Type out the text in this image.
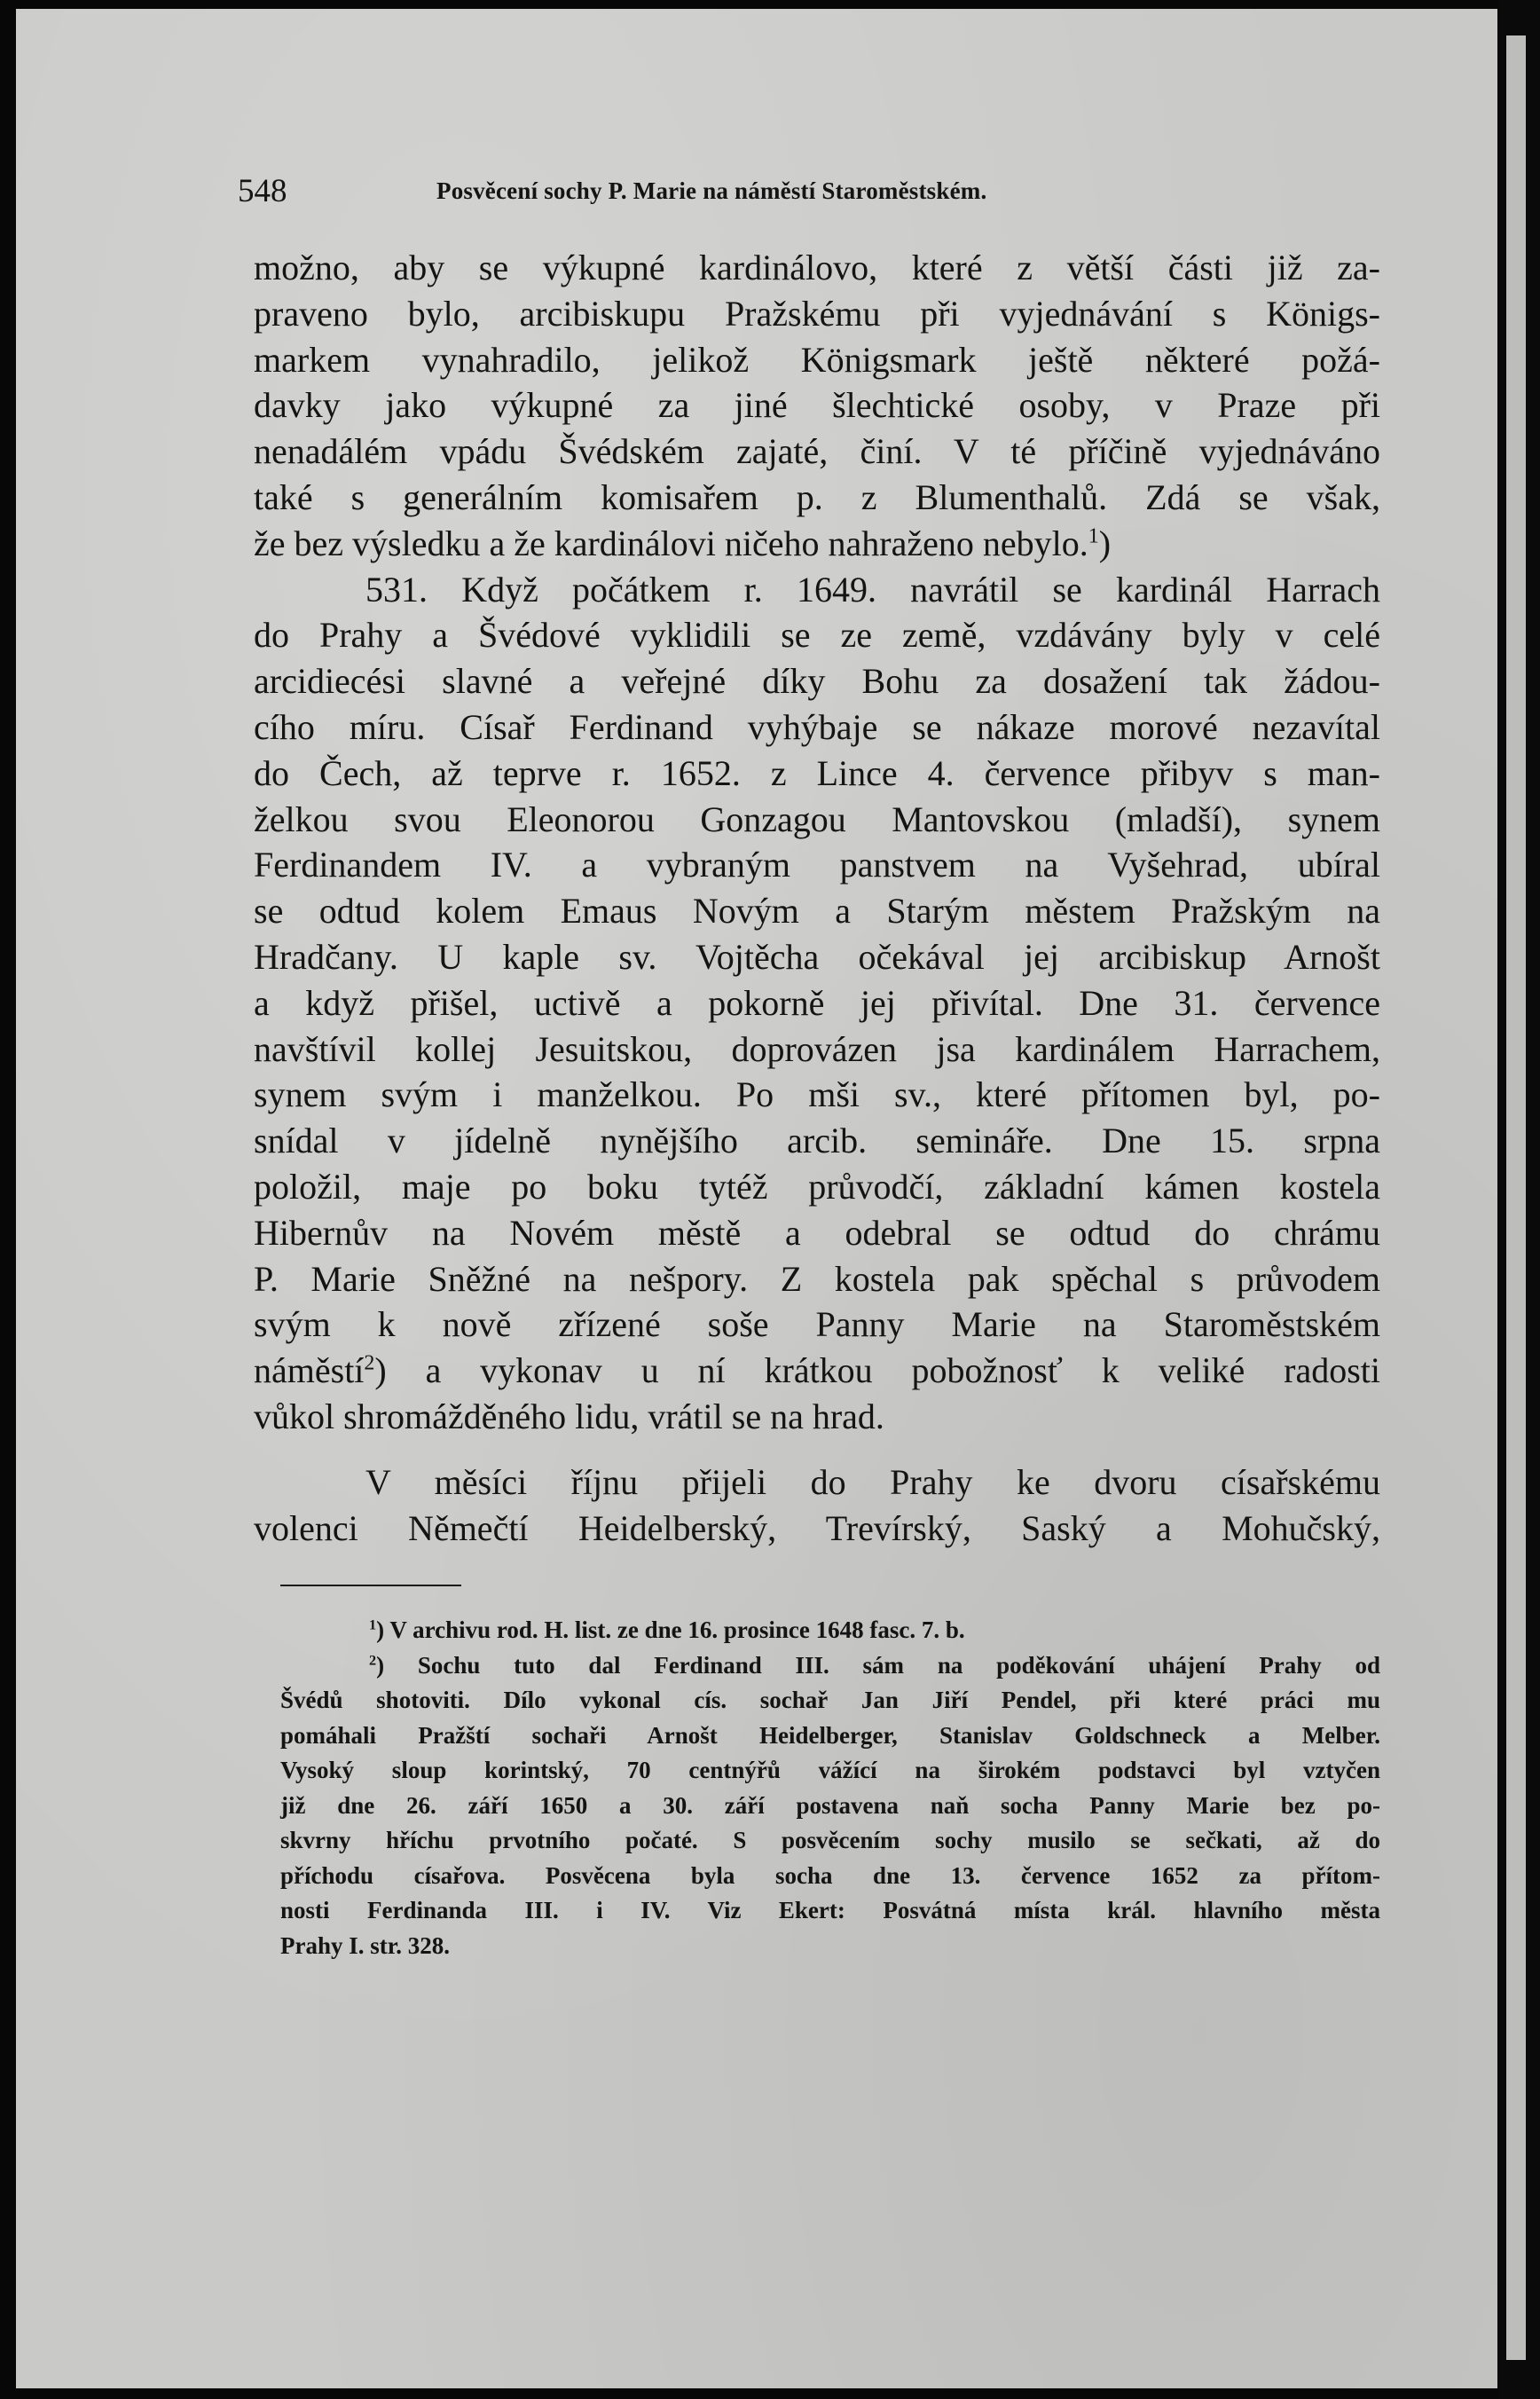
548	Posvěcení sochy P. Marie na náměstí Staroměstském.
možno, aby se výkupné kardinálovo, které z větší části již za-
praveno bylo, arcibiskupu Pražskému při vyjednávání s Königs-
markem vynahradilo, jelikož Königsmark ještě některé požá-
davky jako výkupné za jiné šlechtické osoby, v Praze při
nenadálém vpádu Švédském zajaté, činí. V té příčině vyjednáváno
také s generálním komisařem p. z Blumenthalů. Zdá se však,
že bez výsledku a že kardinálovi ničeho nahraženo nebylo.$^1$)
531. Když počátkem r. 1649. navrátil se kardinál Harrach
do Prahy a Švédové vyklidili se ze země, vzdávány byly v celé
arcidiecési slavné a veřejné díky Bohu za dosažení tak žádou-
cího míru. Císař Ferdinand vyhýbaje se nákaze morové nezavítal
do Čech, až teprve r. 1652. z Lince 4. července přibyv s man-
želkou svou Eleonorou Gonzagou Mantovskou (mladší), synem
Ferdinandem IV. a vybraným panstvem na Vyšehrad, ubíral
se odtud kolem Emaus Novým a Starým městem Pražským na
Hradčany. U kaple sv. Vojtěcha očekával jej arcibiskup Arnošt
a když přišel, uctivě a pokorně jej přivítal. Dne 31. července
navštívil kollej Jesuitskou, doprovázen jsa kardinálem Harrachem,
synem svým i manželkou. Po mši sv., které přítomen byl, po-
snídal v jídelně nynějšího arcib. semináře. Dne 15. srpna
položil, maje po boku tytéž průvodčí, základní kámen kostela
Hibernův na Novém městě a odebral se odtud do chrámu
P. Marie Sněžné na nešpory. Z kostela pak spěchal s průvodem
svým k nově zřízené soše Panny Marie na Staroměstském
náměstí$^2$) a vykonav u ní krátkou pobožnosť k veliké radosti
vůkol shromážděného lidu, vrátil se na hrad.
V měsíci říjnu přijeli do Prahy ke dvoru císařskému
volenci Němečtí Heidelberský, Trevírský, Saský a Mohučský,
$^1$) V archivu rod. H. list. ze dne 16. prosince 1648 fasc. 7. b.
$^2$) Sochu tuto dal Ferdinand III. sám na poděkování uhájení Prahy od
Švédů shotoviti. Dílo vykonal cís. sochař Jan Jiří Pendel, při které práci mu
pomáhali Pražští sochaři Arnošt Heidelberger, Stanislav Goldschneck a Melber.
Vysoký sloup korintský, 70 centnýřů vážící na širokém podstavci byl vztyčen
již dne 26. září 1650 a 30. září postavena naň socha Panny Marie bez po-
skvrny hříchu prvotního počaté. S posvěcením sochy musilo se sečkati, až do
příchodu císařova. Posvěcena byla socha dne 13. července 1652 za přítom-
nosti Ferdinanda III. i IV. Viz Ekert: Posvátná místa král. hlavního města
Prahy I. str. 328.
